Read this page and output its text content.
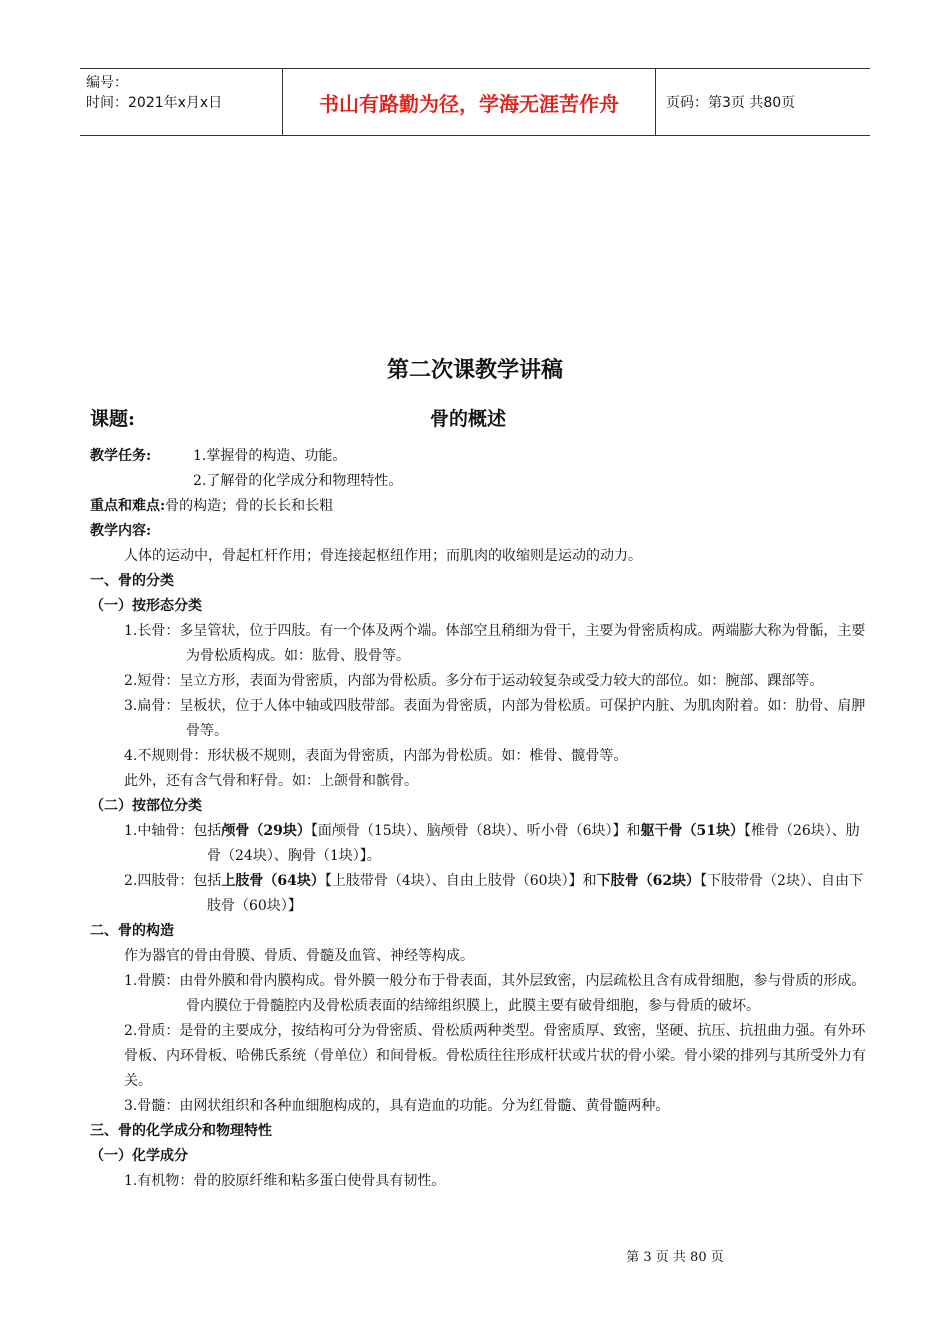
编号：
时间：2021年x月x日	书山有路勤为径，学海无涯苦作舟	页码：第3页 共80页
第二次课教学讲稿
课题:	骨的概述

教学任务:	1.掌握骨的构造、功能。

2.了解骨的化学成分和物理特性。

重点和难点:骨的构造；骨的长长和长粗

教学内容:

人体的运动中，骨起杠杆作用；骨连接起枢纽作用；而肌肉的收缩则是运动的动力。

一、骨的分类

（一）按形态分类

1.长骨：多呈管状，位于四肢。有一个体及两个端。体部空且稍细为骨干，主要为骨密质构成。两端膨大称为骨骺，主要为骨松质构成。如：肱骨、股骨等。

2.短骨：呈立方形，表面为骨密质，内部为骨松质。多分布于运动较复杂或受力较大的部位。如：腕部、踝部等。

3.扁骨：呈板状，位于人体中轴或四肢带部。表面为骨密质，内部为骨松质。可保护内脏、为肌肉附着。如：肋骨、肩胛骨等。

4.不规则骨：形状极不规则，表面为骨密质，内部为骨松质。如：椎骨、髋骨等。

此外，还有含气骨和籽骨。如：上颌骨和髌骨。

（二）按部位分类

1.中轴骨：包括颅骨（29块）【面颅骨（15块）、脑颅骨（8块）、听小骨（6块）】和躯干骨（51块）【椎骨（26块）、肋骨（24块）、胸骨（1块）】。

2.四肢骨：包括上肢骨（64块）【上肢带骨（4块）、自由上肢骨（60块）】和下肢骨（62块）【下肢带骨（2块）、自由下肢骨（60块）】

二、骨的构造

作为器官的骨由骨膜、骨质、骨髓及血管、神经等构成。

1.骨膜：由骨外膜和骨内膜构成。骨外膜一般分布于骨表面，其外层致密，内层疏松且含有成骨细胞，参与骨质的形成。骨内膜位于骨髓腔内及骨松质表面的结缔组织膜上，此膜主要有破骨细胞，参与骨质的破坏。

2.骨质：是骨的主要成分，按结构可分为骨密质、骨松质两种类型。骨密质厚、致密，坚硬、抗压、抗扭曲力强。有外环骨板、内环骨板、哈佛氏系统（骨单位）和间骨板。骨松质往往形成杆状或片状的骨小梁。骨小梁的排列与其所受外力有关。

3.骨髓：由网状组织和各种血细胞构成的，具有造血的功能。分为红骨髓、黄骨髓两种。

三、骨的化学成分和物理特性

（一）化学成分

1.有机物：骨的胶原纤维和粘多蛋白使骨具有韧性。

第 3 页 共 80 页
